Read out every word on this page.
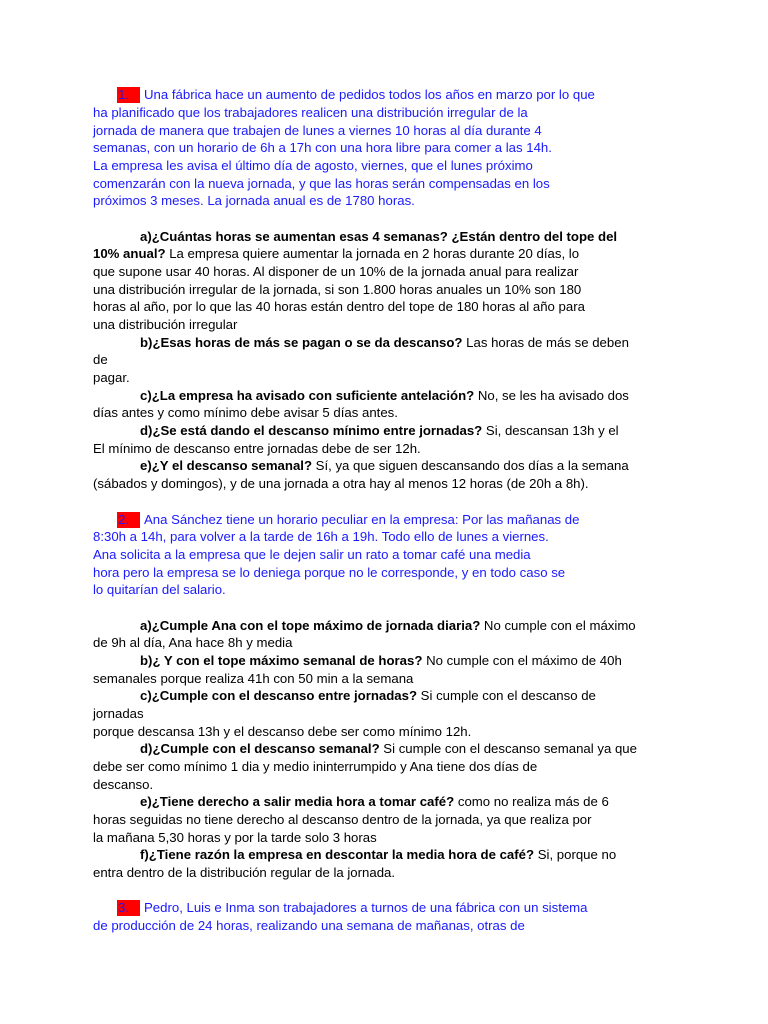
1. Una fábrica hace un aumento de pedidos todos los años en marzo por lo que
ha planificado que los trabajadores realicen una distribución irregular de la
jornada de manera que trabajen de lunes a viernes 10 horas al día durante 4
semanas, con un horario de 6h a 17h con una hora libre para comer a las 14h.
La empresa les avisa el último día de agosto, viernes, que el lunes próximo
comenzarán con la nueva jornada, y que las horas serán compensadas en los
próximos 3 meses. La jornada anual es de 1780 horas.
a)¿Cuántas horas se aumentan esas 4 semanas? ¿Están dentro del tope del
10% anual? La empresa quiere aumentar la jornada en 2 horas durante 20 días, lo
que supone usar 40 horas. Al disponer de un 10% de la jornada anual para realizar
una distribución irregular de la jornada, si son 1.800 horas anuales un 10% son 180
horas al año, por lo que las 40 horas están dentro del tope de 180 horas al año para
una distribución irregular
b)¿Esas horas de más se pagan o se da descanso? Las horas de más se deben
de
pagar.
c)¿La empresa ha avisado con suficiente antelación? No, se les ha avisado dos
días antes y como mínimo debe avisar 5 días antes.
d)¿Se está dando el descanso mínimo entre jornadas? Si, descansan 13h y el
El mínimo de descanso entre jornadas debe de ser 12h.
e)¿Y el descanso semanal? Sí, ya que siguen descansando dos días a la semana
(sábados y domingos), y de una jornada a otra hay al menos 12 horas (de 20h a 8h).
2. Ana Sánchez tiene un horario peculiar en la empresa: Por las mañanas de
8:30h a 14h, para volver a la tarde de 16h a 19h. Todo ello de lunes a viernes.
Ana solicita a la empresa que le dejen salir un rato a tomar café una media
hora pero la empresa se lo deniega porque no le corresponde, y en todo caso se
lo quitarían del salario.
a)¿Cumple Ana con el tope máximo de jornada diaria? No cumple con el máximo
de 9h al día, Ana hace 8h y media
b)¿ Y con el tope máximo semanal de horas? No cumple con el máximo de 40h
semanales porque realiza 41h con 50 min a la semana
c)¿Cumple con el descanso entre jornadas? Si cumple con el descanso de
jornadas
porque descansa 13h y el descanso debe ser como mínimo 12h.
d)¿Cumple con el descanso semanal? Si cumple con el descanso semanal ya que
debe ser como mínimo 1 dia y medio ininterrumpido y Ana tiene dos días de
descanso.
e)¿Tiene derecho a salir media hora a tomar café? como no realiza más de 6
horas seguidas no tiene derecho al descanso dentro de la jornada, ya que realiza por
la mañana 5,30 horas y por la tarde solo 3 horas
f)¿Tiene razón la empresa en descontar la media hora de café? Si, porque no
entra dentro de la distribución regular de la jornada.
3. Pedro, Luis e Inma son trabajadores a turnos de una fábrica con un sistema
de producción de 24 horas, realizando una semana de mañanas, otras de
